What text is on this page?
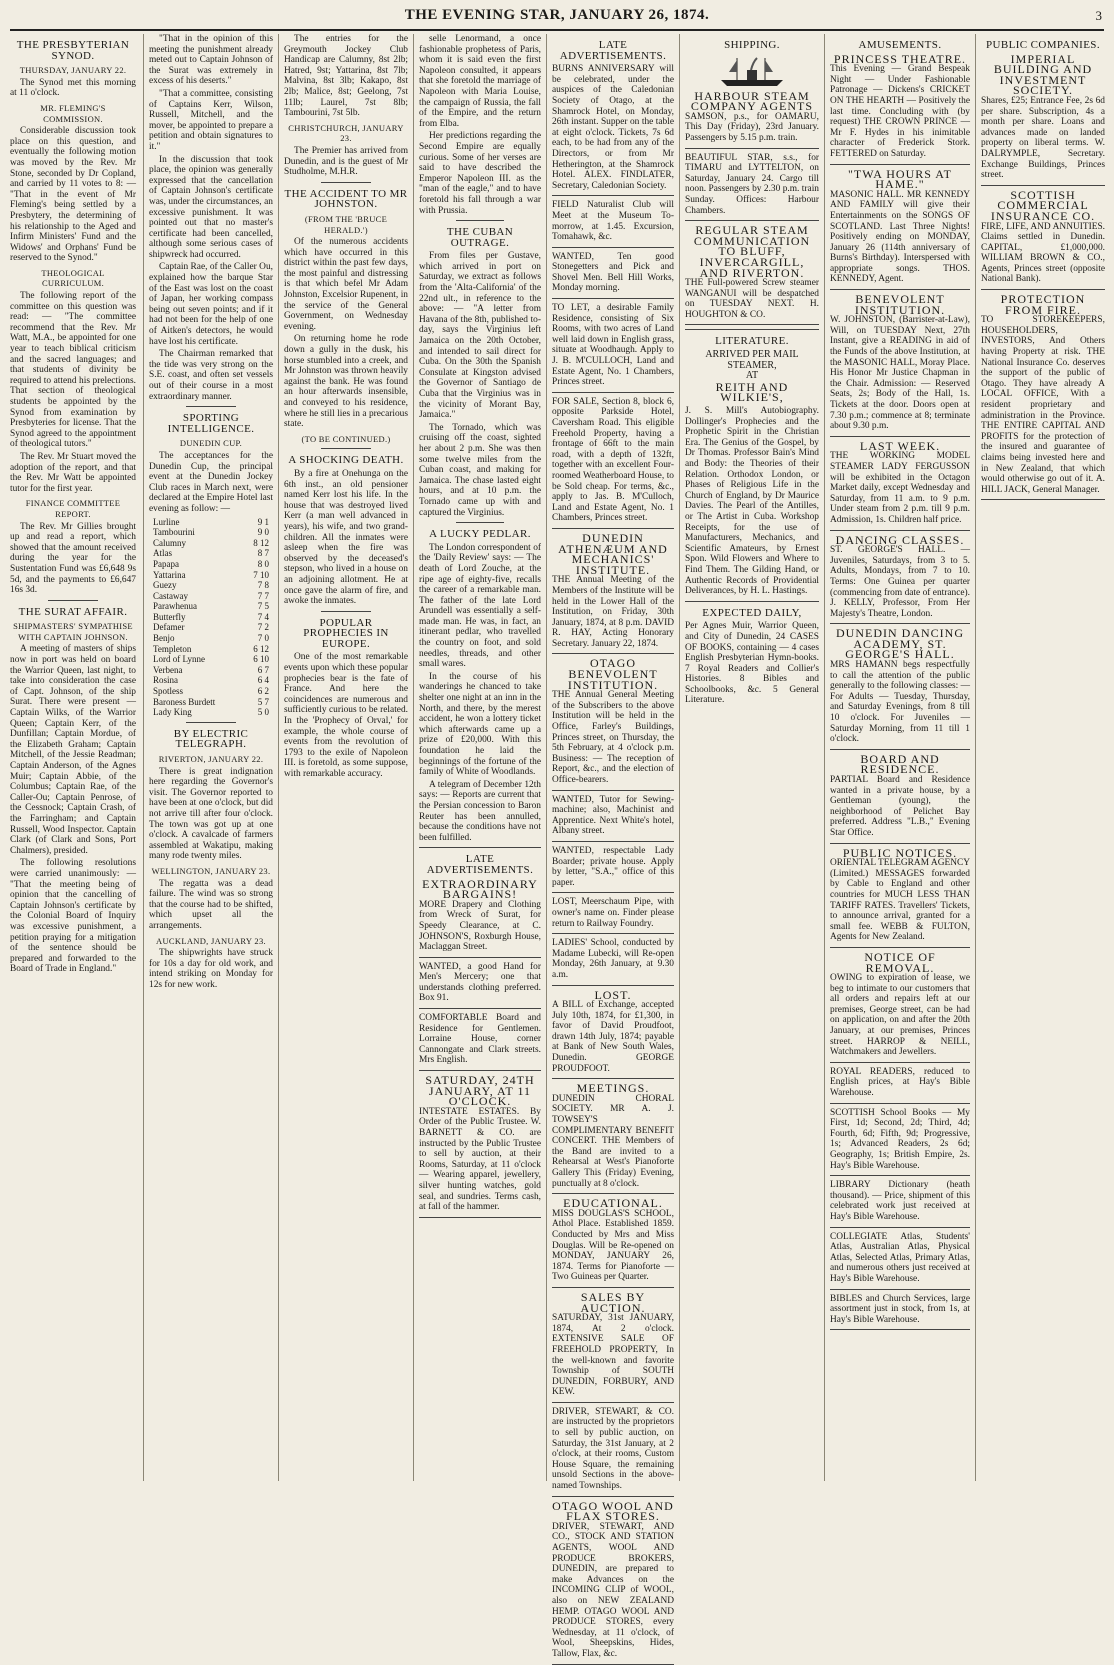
THE EVENING STAR, JANUARY 26, 1874.	3
THE PRESBYTERIAN SYNOD.
THURSDAY, JANUARY 22.

The Synod met this morning at 11 o'clock.

MR. FLEMING'S COMMISSION.

Considerable discussion took place on this question, and eventually the following motion was moved by the Rev. Mr Stone, seconded by Dr Copland, and carried by 11 votes to 8: — "That in the event of Mr Fleming's being settled by a Presbytery, the determining of his relationship to the Aged and Infirm Ministers' Fund and the Widows' and Orphans' Fund be reserved to the Synod."

THEOLOGICAL CURRICULUM.

The following report of the committee on this question was read: — "The committee recommend that the Rev. Mr Watt, M.A., be appointed for one year to teach biblical criticism and the sacred languages; and that students of divinity be required to attend his prelections. That section of theological students be appointed by the Synod from examination by Presbyteries for license. That the Synod agreed to the appointment of theological tutors."

The Rev. Mr Stuart moved the adoption of the report, and that the Rev. Mr Watt be appointed tutor for the first year.

FINANCE COMMITTEE REPORT.

The Rev. Mr Gillies brought up and read a report, which showed that the amount received during the year for the Sustentation Fund was £6,648 9s 5d, and the payments to £6,647 16s 3d.

THE SURAT AFFAIR.
SHIPMASTERS' SYMPATHISE WITH CAPTAIN JOHNSON.

A meeting of masters of ships now in port was held on board the Warrior Queen, last night, to take into consideration the case of Capt. Johnson, of the ship Surat. There were present — Captain Wilks, of the Warrior Queen; Captain Kerr, of the Dunfillan; Captain Mordue, of the Elizabeth Graham; Captain Mitchell, of the Jessie Readman; Captain Anderson, of the Agnes Muir; Captain Abbie, of the Columbus; Captain Rae, of the Caller-Ou; Captain Penrose, of the Cessnock; Captain Crash, of the Farringham; and Captain Russell, Wood Inspector. Captain Clark (of Clark and Sons, Port Chalmers), presided.

The following resolutions were carried unanimously: — "That the meeting being of opinion that the cancelling of Captain Johnson's certificate by the Colonial Board of Inquiry was excessive punishment, a petition praying for a mitigation of the sentence should be prepared and forwarded to the Board of Trade in England."

"That in the opinion of this meeting the punishment already meted out to Captain Johnson of the Surat was extremely in excess of his deserts."

"That a committee, consisting of Captains Kerr, Wilson, Russell, Mitchell, and the mover, be appointed to prepare a petition and obtain signatures to it."

In the discussion that took place, the opinion was generally expressed that the cancellation of Captain Johnson's certificate was, under the circumstances, an excessive punishment. It was pointed out that no master's certificate had been cancelled, although some serious cases of shipwreck had occurred.

Captain Rae, of the Caller Ou, explained how the barque Star of the East was lost on the coast of Japan, her working compass being out seven points; and if it had not been for the help of one of Aitken's detectors, he would have lost his certificate.

The Chairman remarked that the tide was very strong on the S.E. coast, and often set vessels out of their course in a most extraordinary manner.

SPORTING INTELLIGENCE.
DUNEDIN CUP.

The acceptances for the Dunedin Cup, the principal event at the Dunedin Jockey Club races in March next, were declared at the Empire Hotel last evening as follow: —

Lurline	9 1
Tambourini	9 0
Calumny	8 12
Atlas	8 7
Papapa	8 0
Yattarina	7 10
Guezy	7 8
Castaway	7 7
Parawhenua	7 5
Butterfly	7 4
Defamer	7 2
Benjo	7 0
Templeton	6 12
Lord of Lynne	6 10
Verbena	6 7
Rosina	6 4
Spotless	6 2
Baroness Burdett	5 7
Lady King	5 0
BY ELECTRIC TELEGRAPH.
RIVERTON, JANUARY 22.

There is great indignation here regarding the Governor's visit. The Governor reported to have been at one o'clock, but did not arrive till after four o'clock. The town was got up at one o'clock. A cavalcade of farmers assembled at Wakatipu, making many rode twenty miles.

WELLINGTON, JANUARY 23.

The regatta was a dead failure. The wind was so strong that the course had to be shifted, which upset all the arrangements.

AUCKLAND, JANUARY 23.

The shipwrights have struck for 10s a day for old work, and intend striking on Monday for 12s for new work.

The entries for the Greymouth Jockey Club Handicap are Calumny, 8st 2lb; Hatred, 9st; Yattarina, 8st 7lb; Malvina, 8st 3lb; Kakapo, 8st 2lb; Malice, 8st; Geelong, 7st 11lb; Laurel, 7st 8lb; Tambourini, 7st 5lb.

CHRISTCHURCH, JANUARY 23.

The Premier has arrived from Dunedin, and is the guest of Mr Studholme, M.H.R.

THE ACCIDENT TO MR JOHNSTON.
(FROM THE 'BRUCE HERALD.')

Of the numerous accidents which have occurred in this district within the past few days, the most painful and distressing is that which befel Mr Adam Johnston, Excelsior Rupenent, in the service of the General Government, on Wednesday evening.

On returning home he rode down a gully in the dusk, his horse stumbled into a creek, and Mr Johnston was thrown heavily against the bank. He was found an hour afterwards insensible, and conveyed to his residence, where he still lies in a precarious state.

(TO BE CONTINUED.)
A SHOCKING DEATH.

By a fire at Onehunga on the 6th inst., an old pensioner named Kerr lost his life. In the house that was destroyed lived Kerr (a man well advanced in years), his wife, and two grand-children. All the inmates were asleep when the fire was observed by the deceased's stepson, who lived in a house on an adjoining allotment. He at once gave the alarm of fire, and awoke the inmates.

POPULAR PROPHECIES IN EUROPE.

One of the most remarkable events upon which these popular prophecies bear is the fate of France. And here the coincidences are numerous and sufficiently curious to be related. In the 'Prophecy of Orval,' for example, the whole course of events from the revolution of 1793 to the exile of Napoleon III. is foretold, as some suppose, with remarkable accuracy.

selle Lenormand, a once fashionable prophetess of Paris, whom it is said even the first Napoleon consulted, it appears that she foretold the marriage of Napoleon with Maria Louise, the campaign of Russia, the fall of the Empire, and the return from Elba.

Her predictions regarding the Second Empire are equally curious. Some of her verses are said to have described the Emperor Napoleon III. as the "man of the eagle," and to have foretold his fall through a war with Prussia.

THE CUBAN OUTRAGE.

From files per Gustave, which arrived in port on Saturday, we extract as follows from the 'Alta-California' of the 22nd ult., in reference to the above: — "A letter from Havana of the 8th, published to-day, says the Virginius left Jamaica on the 20th October, and intended to sail direct for Cuba. On the 30th the Spanish Consulate at Kingston advised the Governor of Santiago de Cuba that the Virginius was in the vicinity of Morant Bay, Jamaica."

The Tornado, which was cruising off the coast, sighted her about 2 p.m. She was then some twelve miles from the Cuban coast, and making for Jamaica. The chase lasted eight hours, and at 10 p.m. the Tornado came up with and captured the Virginius.

A LUCKY PEDLAR.

The London correspondent of the 'Daily Review' says: — The death of Lord Zouche, at the ripe age of eighty-five, recalls the career of a remarkable man. The father of the late Lord Arundell was essentially a self-made man. He was, in fact, an itinerant pedlar, who travelled the country on foot, and sold needles, threads, and other small wares.

In the course of his wanderings he chanced to take shelter one night at an inn in the North, and there, by the merest accident, he won a lottery ticket which afterwards came up a prize of £20,000. With this foundation he laid the beginnings of the fortune of the family of White of Woodlands.

A telegram of December 12th says: — Reports are current that the Persian concession to Baron Reuter has been annulled, because the conditions have not been fulfilled.

LATE ADVERTISEMENTS.
EXTRAORDINARY BARGAINS!

MORE Drapery and Clothing from Wreck of Surat, for Speedy Clearance, at C. JOHNSON'S, Roxburgh House, Maclaggan Street.

WANTED, a good Hand for Men's Mercery; one that understands clothing preferred. Box 91.

COMFORTABLE Board and Residence for Gentlemen. Lorraine House, corner Cannongate and Clark streets. Mrs English.

SATURDAY, 24TH JANUARY, AT 11 O'CLOCK.

INTESTATE ESTATES. By Order of the Public Trustee. W. BARNETT & CO. are instructed by the Public Trustee to sell by auction, at their Rooms, Saturday, at 11 o'clock — Wearing apparel, jewellery, silver hunting watches, gold seal, and sundries. Terms cash, at fall of the hammer.

LATE ADVERTISEMENTS.

BURNS ANNIVERSARY will be celebrated, under the auspices of the Caledonian Society of Otago, at the Shamrock Hotel, on Monday, 26th instant. Supper on the table at eight o'clock. Tickets, 7s 6d each, to be had from any of the Directors, or from Mr Hetherington, at the Shamrock Hotel. ALEX. FINDLATER, Secretary, Caledonian Society.

FIELD Naturalist Club will Meet at the Museum To-morrow, at 1.45. Excursion, Tomahawk, &c.

WANTED, Ten good Stonegetters and Pick and Shovel Men. Bell Hill Works, Monday morning.

TO LET, a desirable Family Residence, consisting of Six Rooms, with two acres of Land well laid down in English grass, situate at Woodhaugh. Apply to J. B. M'CULLOCH, Land and Estate Agent, No. 1 Chambers, Princes street.

FOR SALE, Section 8, block 6, opposite Parkside Hotel, Caversham Road. This eligible Freehold Property, having a frontage of 66ft to the main road, with a depth of 132ft, together with an excellent Four-roomed Weatherboard House, to be Sold cheap. For terms, &c., apply to Jas. B. M'Culloch, Land and Estate Agent, No. 1 Chambers, Princes street.

DUNEDIN ATHENÆUM AND MECHANICS' INSTITUTE.

THE Annual Meeting of the Members of the Institute will be held in the Lower Hall of the Institution, on Friday, 30th January, 1874, at 8 p.m. DAVID R. HAY, Acting Honorary Secretary. January 22, 1874.

OTAGO BENEVOLENT INSTITUTION.

THE Annual General Meeting of the Subscribers to the above Institution will be held in the Office, Farley's Buildings, Princes street, on Thursday, the 5th February, at 4 o'clock p.m. Business: — The reception of Report, &c., and the election of Office-bearers.

WANTED, Tutor for Sewing-machine; also, Machinist and Apprentice. Next White's hotel, Albany street.

WANTED, respectable Lady Boarder; private house. Apply by letter, "S.A.," office of this paper.

LOST, Meerschaum Pipe, with owner's name on. Finder please return to Railway Foundry.

LADIES' School, conducted by Madame Lubecki, will Re-open Monday, 26th January, at 9.30 a.m.

LOST.

A BILL of Exchange, accepted July 10th, 1874, for £1,300, in favor of David Proudfoot, drawn 14th July, 1874; payable at Bank of New South Wales, Dunedin. GEORGE PROUDFOOT.

MEETINGS.

DUNEDIN CHORAL SOCIETY. MR A. J. TOWSEY'S COMPLIMENTARY BENEFIT CONCERT. THE Members of the Band are invited to a Rehearsal at West's Pianoforte Gallery This (Friday) Evening, punctually at 8 o'clock.

EDUCATIONAL.

MISS DOUGLAS'S SCHOOL, Athol Place. Established 1859. Conducted by Mrs and Miss Douglas. Will be Re-opened on MONDAY, JANUARY 26, 1874. Terms for Pianoforte — Two Guineas per Quarter.

SALES BY AUCTION.

SATURDAY, 31st JANUARY, 1874, At 2 o'clock. EXTENSIVE SALE OF FREEHOLD PROPERTY, In the well-known and favorite Township of SOUTH DUNEDIN, FORBURY, AND KEW.

DRIVER, STEWART, & CO. are instructed by the proprietors to sell by public auction, on Saturday, the 31st January, at 2 o'clock, at their rooms, Custom House Square, the remaining unsold Sections in the above-named Townships.

OTAGO WOOL AND FLAX STORES.

DRIVER, STEWART, AND CO., STOCK AND STATION AGENTS, WOOL AND PRODUCE BROKERS, DUNEDIN, are prepared to make Advances on the INCOMING CLIP of WOOL, also on NEW ZEALAND HEMP. OTAGO WOOL AND PRODUCE STORES, every Wednesday, at 11 o'clock, of Wool, Sheepskins, Hides, Tallow, Flax, &c.

SHIPPING.
HARBOUR STEAM COMPANY AGENTS

SAMSON, p.s., for OAMARU, This Day (Friday), 23rd January. Passengers by 5.15 p.m. train.

BEAUTIFUL STAR, s.s., for TIMARU and LYTTELTON, on Saturday, January 24. Cargo till noon. Passengers by 2.30 p.m. train Sunday. Offices: Harbour Chambers.

REGULAR STEAM COMMUNICATION TO BLUFF, INVERCARGILL, AND RIVERTON.

THE Full-powered Screw steamer WANGANUI will be despatched on TUESDAY NEXT. H. HOUGHTON & CO.

LITERATURE.
ARRIVED PER MAIL STEAMER,
AT
REITH AND WILKIE'S,

J. S. Mill's Autobiography. Dollinger's Prophecies and the Prophetic Spirit in the Christian Era. The Genius of the Gospel, by Dr Thomas. Professor Bain's Mind and Body: the Theories of their Relation. Orthodox London, or Phases of Religious Life in the Church of England, by Dr Maurice Davies. The Pearl of the Antilles, or The Artist in Cuba. Workshop Receipts, for the use of Manufacturers, Mechanics, and Scientific Amateurs, by Ernest Spon. Wild Flowers and Where to Find Them. The Gilding Hand, or Authentic Records of Providential Deliverances, by H. L. Hastings.

EXPECTED DAILY,

Per Agnes Muir, Warrior Queen, and City of Dunedin, 24 CASES OF BOOKS, containing — 4 cases English Presbyterian Hymn-books. 7 Royal Readers and Collier's Histories. 8 Bibles and Schoolbooks, &c. 5 General Literature.

AMUSEMENTS.
PRINCESS THEATRE.

This Evening — Grand Bespeak Night — Under Fashionable Patronage — Dickens's CRICKET ON THE HEARTH — Positively the last time. Concluding with (by request) THE CROWN PRINCE — Mr F. Hydes in his inimitable character of Frederick Stork. FETTERED on Saturday.

"TWA HOURS AT HAME."

MASONIC HALL. MR KENNEDY AND FAMILY will give their Entertainments on the SONGS OF SCOTLAND. Last Three Nights! Positively ending on MONDAY, January 26 (114th anniversary of Burns's Birthday). Interspersed with appropriate songs. THOS. KENNEDY, Agent.

BENEVOLENT INSTITUTION.

W. JOHNSTON, (Barrister-at-Law), Will, on TUESDAY Next, 27th Instant, give a READING in aid of the Funds of the above Institution, at the MASONIC HALL, Moray Place. His Honor Mr Justice Chapman in the Chair. Admission: — Reserved Seats, 2s; Body of the Hall, 1s. Tickets at the door. Doors open at 7.30 p.m.; commence at 8; terminate about 9.30 p.m.

LAST WEEK.

THE WORKING MODEL STEAMER LADY FERGUSSON will be exhibited in the Octagon Market daily, except Wednesday and Saturday, from 11 a.m. to 9 p.m. Under steam from 2 p.m. till 9 p.m. Admission, 1s. Children half price.

DANCING CLASSES.

ST. GEORGE'S HALL. — Juveniles, Saturdays, from 3 to 5. Adults, Mondays, from 7 to 10. Terms: One Guinea per quarter (commencing from date of entrance). J. KELLY, Professor, From Her Majesty's Theatre, London.

DUNEDIN DANCING ACADEMY, ST. GEORGE'S HALL.

MRS HAMANN begs respectfully to call the attention of the public generally to the following classes: — For Adults — Tuesday, Thursday, and Saturday Evenings, from 8 till 10 o'clock. For Juveniles — Saturday Morning, from 11 till 1 o'clock.

BOARD AND RESIDENCE.

PARTIAL Board and Residence wanted in a private house, by a Gentleman (young), the neighborhood of Pelichet Bay preferred. Address "L.B.," Evening Star Office.

PUBLIC NOTICES.

ORIENTAL TELEGRAM AGENCY (Limited.) MESSAGES forwarded by Cable to England and other countries for MUCH LESS THAN TARIFF RATES. Travellers' Tickets, to announce arrival, granted for a small fee. WEBB & FULTON, Agents for New Zealand.

NOTICE OF REMOVAL.

OWING to expiration of lease, we beg to intimate to our customers that all orders and repairs left at our premises, George street, can be had on application, on and after the 20th January, at our premises, Princes street. HARROP & NEILL, Watchmakers and Jewellers.

ROYAL READERS, reduced to English prices, at Hay's Bible Warehouse.

SCOTTISH School Books — My First, 1d; Second, 2d; Third, 4d; Fourth, 6d; Fifth, 9d; Progressive, 1s; Advanced Readers, 2s 6d; Geography, 1s; British Empire, 2s. Hay's Bible Warehouse.

LIBRARY Dictionary (heath thousand). — Price, shipment of this celebrated work just received at Hay's Bible Warehouse.

COLLEGIATE Atlas, Students' Atlas, Australian Atlas, Physical Atlas, Selected Atlas, Primary Atlas, and numerous others just received at Hay's Bible Warehouse.

BIBLES and Church Services, large assortment just in stock, from 1s, at Hay's Bible Warehouse.

PUBLIC COMPANIES.
IMPERIAL BUILDING AND INVESTMENT SOCIETY.

Shares, £25; Entrance Fee, 2s 6d per share. Subscription, 4s a month per share. Loans and advances made on landed property on liberal terms. W. DALRYMPLE, Secretary. Exchange Buildings, Princes street.

SCOTTISH COMMERCIAL INSURANCE CO.

FIRE, LIFE, AND ANNUITIES. Claims settled in Dunedin. CAPITAL, £1,000,000. WILLIAM BROWN & CO., Agents, Princes street (opposite National Bank).

PROTECTION FROM FIRE.

TO STOREKEEPERS, HOUSEHOLDERS, INVESTORS, And Others having Property at risk. THE National Insurance Co. deserves the support of the public of Otago. They have already A LOCAL OFFICE, With a resident proprietary and administration in the Province. THE ENTIRE CAPITAL AND PROFITS for the protection of the insured and guarantee of claims being invested here and in New Zealand, that which would otherwise go out of it. A. HILL JACK, General Manager.
